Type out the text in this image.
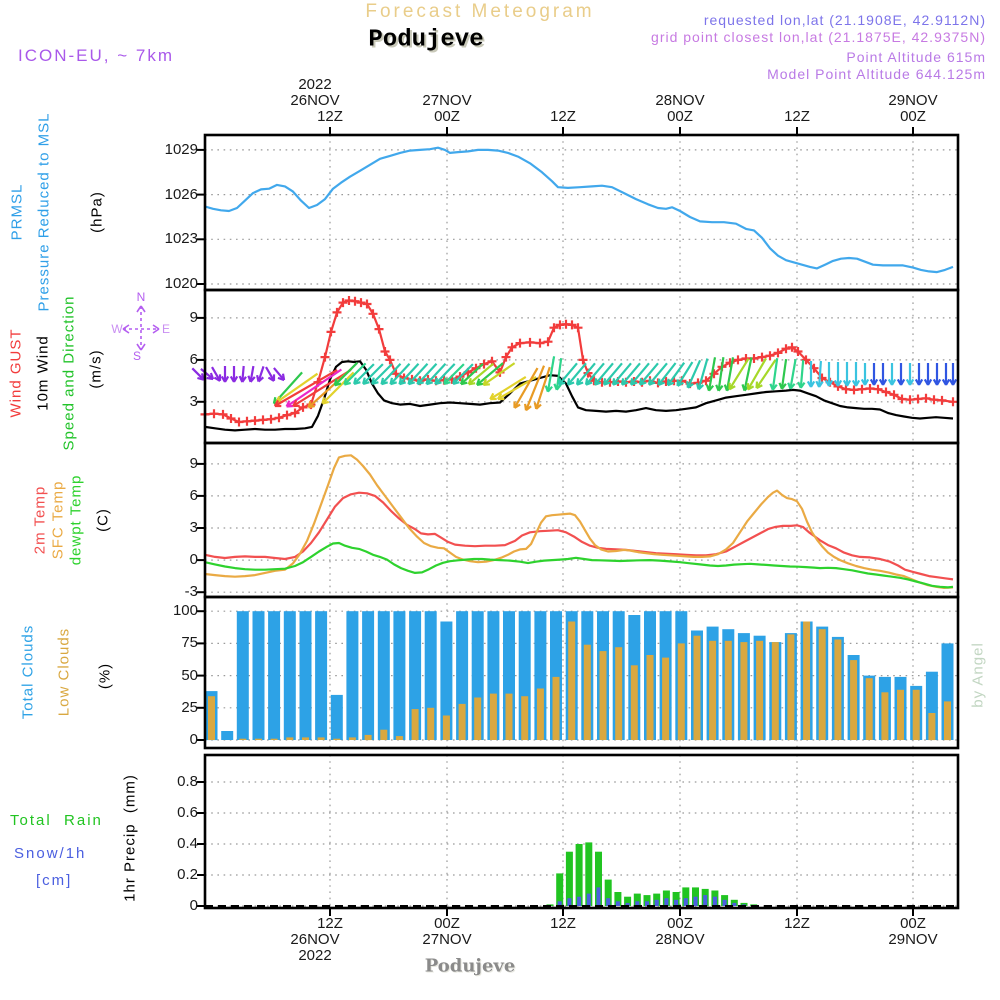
Forecast Meteogram
Podujeve
ICON-EU, ~ 7km
requested lon,lat (21.1908E, 42.9112N)
grid point closest lon,lat (21.1875E, 42.9375N)
Point Altitude 615m
Model Point Altitude 644.125m
PRMSL Pressure Reduced to MSL (hPa)
Wind GUST 10m Wind Speed and Direction (m/s)
N
S
W	E
2m Temp SFC Temp dewpt Temp (C)
Total Clouds Low Clouds (%)
Total  Rain
Snow/1h
[cm]	1hr Precip  (mm)
by Angel
Podujeve
12Z
12Z
26NOV
26NOV
2022
2022
00Z
00Z
27NOV
27NOV
12Z
12Z
00Z
00Z
28NOV
28NOV
12Z
12Z
00Z
00Z
29NOV
29NOV
1029
1026
1023
1020
9
6
3
9
6
3
0
-3
100
75
50
25
0
0.8
0.6
0.4
0.2
0
